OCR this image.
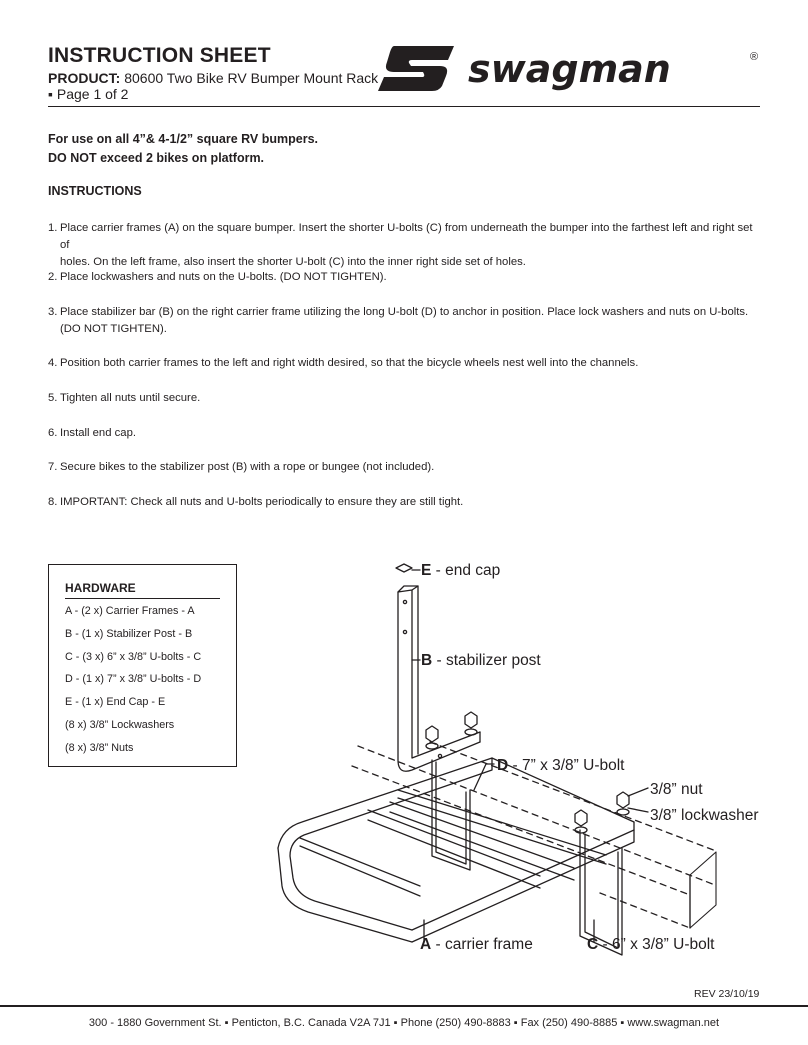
INSTRUCTION SHEET
PRODUCT: 80600 Two Bike RV Bumper Mount Rack
▪ Page 1 of 2
swagman	®
For use on all 4”& 4-1/2” square RV bumpers.
DO NOT exceed 2 bikes on platform.
INSTRUCTIONS
1. Place carrier frames (A) on the square bumper. Insert the shorter U-bolts (C) from underneath the bumper into the farthest left and right set of
holes. On the left frame, also insert the shorter U-bolt (C) into the inner right side set of holes.
2. Place lockwashers and nuts on the U-bolts. (DO NOT TIGHTEN).
3. Place stabilizer bar (B) on the right carrier frame utilizing the long U-bolt (D) to anchor in position. Place lock washers and nuts on U-bolts.
(DO NOT TIGHTEN).
4. Position both carrier frames to the left and right width desired, so that the bicycle wheels nest well into the channels.
5. Tighten all nuts until secure.
6. Install end cap.
7. Secure bikes to the stabilizer post (B) with a rope or bungee (not included).
8. IMPORTANT: Check all nuts and U-bolts periodically to ensure they are still tight.
HARDWARE
A - (2 x) Carrier Frames - A
B - (1 x) Stabilizer Post - B
C - (3 x) 6” x 3/8” U-bolts - C
D - (1 x) 7” x 3/8” U-bolts - D
E - (1 x) End Cap - E
(8 x) 3/8” Lockwashers
(8 x) 3/8” Nuts
E - end cap
B - stabilizer post
D - 7” x 3/8” U-bolt
3/8” nut
3/8” lockwasher
A - carrier frame	C - 6” x 3/8” U-bolt
REV 23/10/19
300 - 1880 Government St. ▪ Penticton, B.C. Canada V2A 7J1 ▪ Phone (250) 490-8883 ▪ Fax (250) 490-8885 ▪ www.swagman.net
